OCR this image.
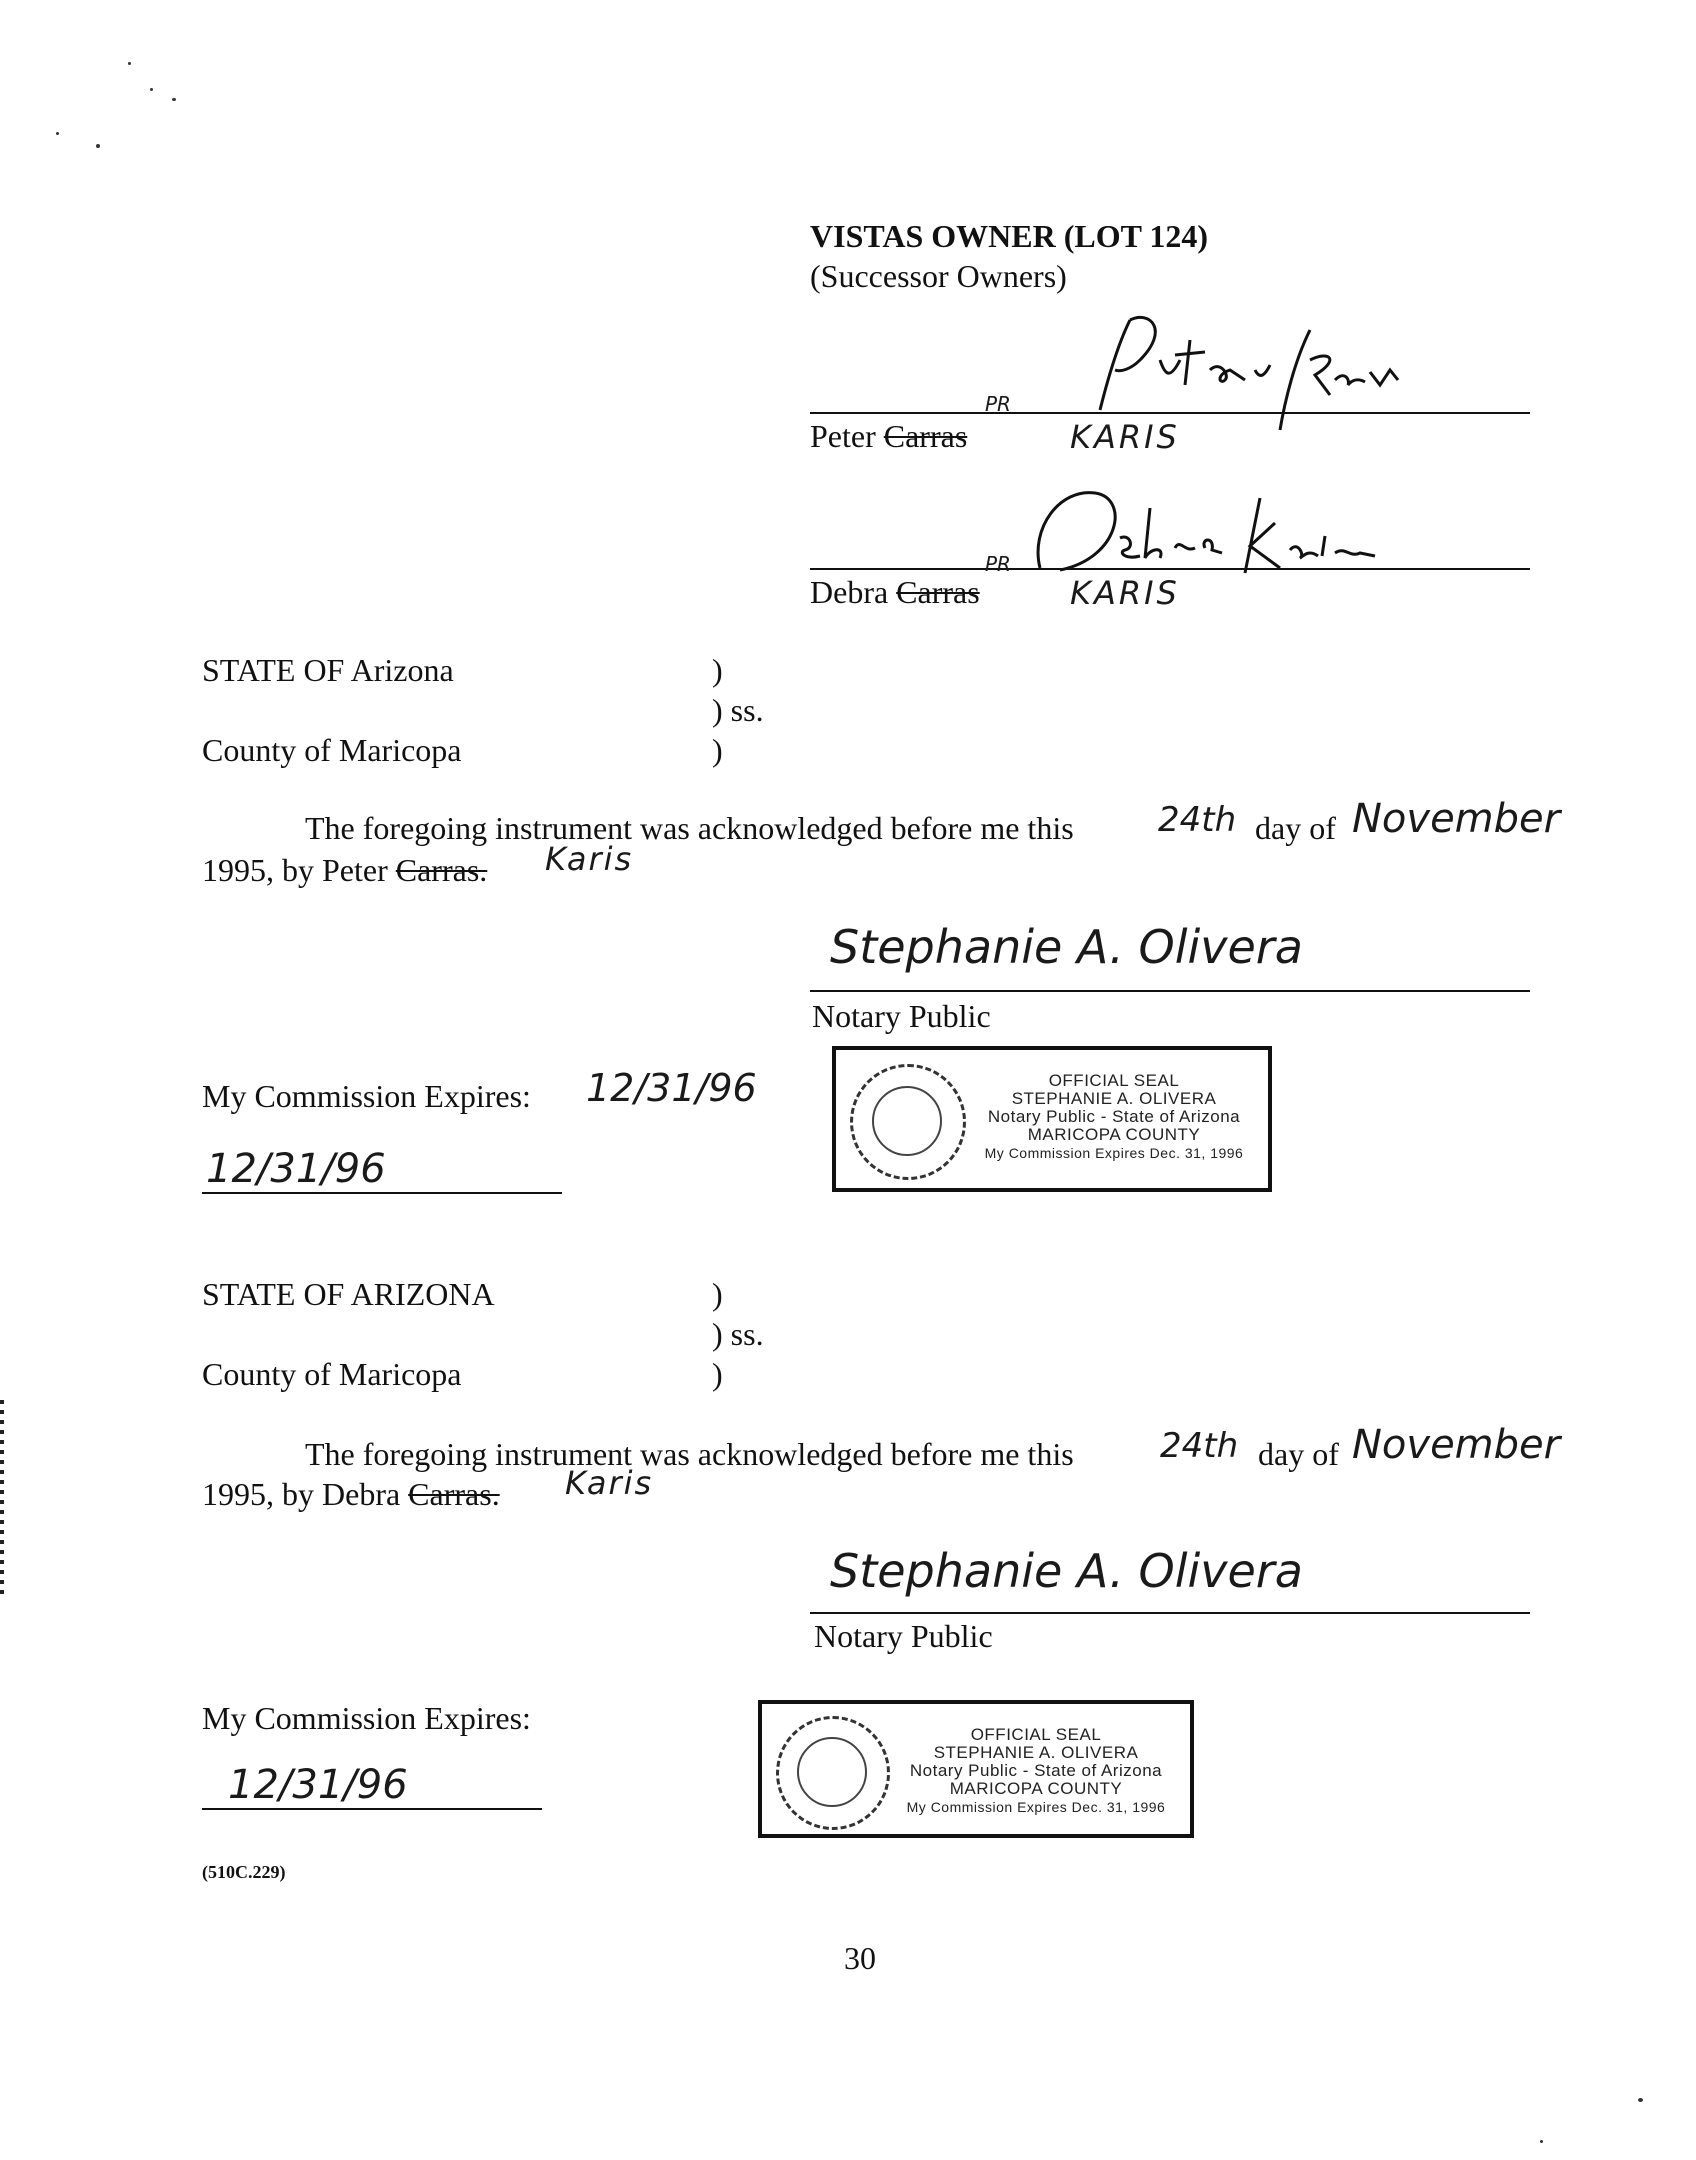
VISTAS OWNER (LOT 124)
(Successor Owners)
Peter Carras
PR
KARIS
Debra Carras
PR
KARIS
STATE OF Arizona	)
) ss.
County of Maricopa	)
The foregoing instrument was acknowledged before me this 24th day of November
1995, by Peter Carras. Karis
Stephanie A. Olivera
Notary Public
My Commission Expires: 12/31/96
12/31/96
OFFICIAL SEAL
STEPHANIE A. OLIVERA
Notary Public - State of Arizona
MARICOPA COUNTY
My Commission Expires Dec. 31, 1996
STATE OF ARIZONA	)
) ss.
County of Maricopa	)
The foregoing instrument was acknowledged before me this	24th day of November
1995, by Debra Carras. Karis
Stephanie A. Olivera
Notary Public
My Commission Expires:
12/31/96
OFFICIAL SEAL
STEPHANIE A. OLIVERA
Notary Public - State of Arizona
MARICOPA COUNTY
My Commission Expires Dec. 31, 1996
(510C.229)
30
